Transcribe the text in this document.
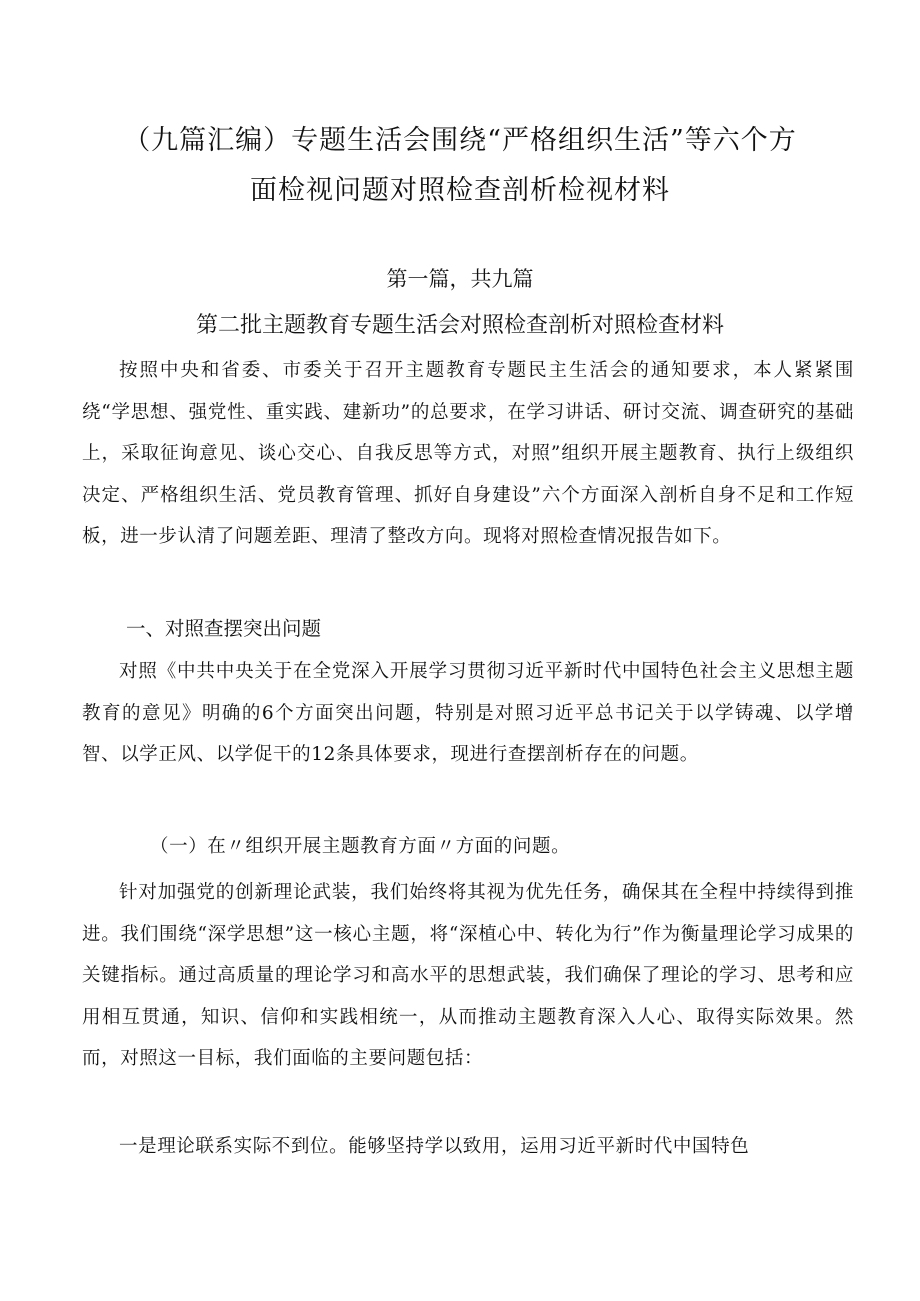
（九篇汇编）专题生活会围绕“严格组织生活”等六个方
面检视问题对照检查剖析检视材料
第一篇，共九篇
第二批主题教育专题生活会对照检查剖析对照检查材料
按照中央和省委、市委关于召开主题教育专题民主生活会的通知要求，本人紧紧围绕“学思想、强党性、重实践、建新功”的总要求，在学习讲话、研讨交流、调查研究的基础上，采取征询意见、谈心交心、自我反思等方式，对照”组织开展主题教育、执行上级组织决定、严格组织生活、党员教育管理、抓好自身建设”六个方面深入剖析自身不足和工作短板，进一步认清了问题差距、理清了整改方向。现将对照检查情况报告如下。
一、对照查摆突出问题
对照《中共中央关于在全党深入开展学习贯彻习近平新时代中国特色社会主义思想主题教育的意见》明确的6个方面突出问题，特别是对照习近平总书记关于以学铸魂、以学增智、以学正风、以学促干的12条具体要求，现进行查摆剖析存在的问题。
（一）在〃组织开展主题教育方面〃方面的问题。
针对加强党的创新理论武装，我们始终将其视为优先任务，确保其在全程中持续得到推进。我们围绕“深学思想”这一核心主题，将“深植心中、转化为行”作为衡量理论学习成果的关键指标。通过高质量的理论学习和高水平的思想武装，我们确保了理论的学习、思考和应用相互贯通，知识、信仰和实践相统一，从而推动主题教育深入人心、取得实际效果。然而，对照这一目标，我们面临的主要问题包括：
一是理论联系实际不到位。能够坚持学以致用，运用习近平新时代中国特色
